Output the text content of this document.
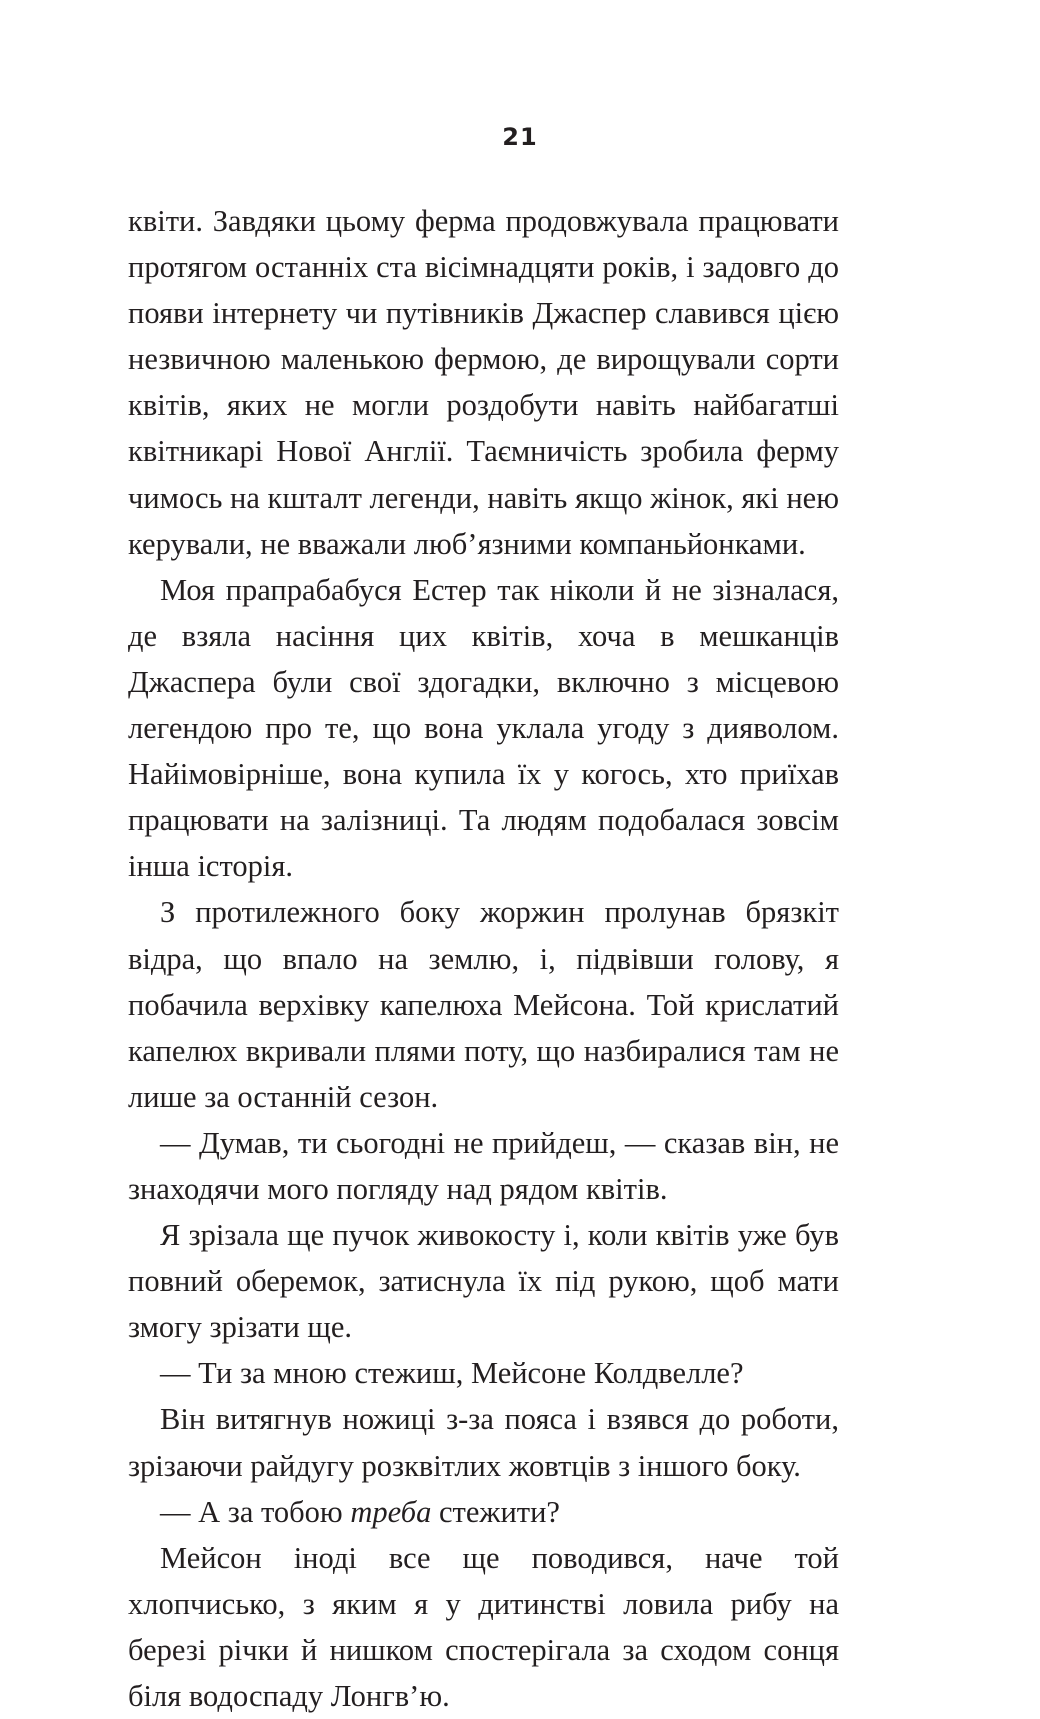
21

квіти. Завдяки цьому ферма продовжувала працювати протягом останніх ста вісімнадцяти років, і задовго до появи інтернету чи путівників Джаспер славився цією незвичною маленькою фермою, де вирощували сорти квітів, яких не могли роздобути навіть найбагатші квітникарі Нової Англії. Таємничість зробила ферму чимось на кшталт легенди, навіть якщо жінок, які нею керували, не вважали люб’язними компаньйонками.

Моя прапрабабуся Естер так ніколи й не зізналася, де взяла насіння цих квітів, хоча в мешканців Джаспера були свої здогадки, включно з місцевою легендою про те, що вона уклала угоду з дияволом. Найімовірніше, вона купила їх у когось, хто приїхав працювати на залізниці. Та людям подобалася зовсім інша історія.

З протилежного боку жоржин пролунав брязкіт відра, що впало на землю, і, підвівши голову, я побачила верхівку капелюха Мейсона. Той крислатий капелюх вкривали плями поту, що назбиралися там не лише за останній сезон.

— Думав, ти сьогодні не прийдеш, — сказав він, не знаходячи мого погляду над рядом квітів.

Я зрізала ще пучок живокосту і, коли квітів уже був повний оберемок, затиснула їх під рукою, щоб мати змогу зрізати ще.

— Ти за мною стежиш, Мейсоне Колдвелле?

Він витягнув ножиці з-за пояса і взявся до роботи, зрізаючи райдугу розквітлих жовтців з іншого боку.

— А за тобою треба стежити?

Мейсон іноді все ще поводився, наче той хлопчисько, з яким я у дитинстві ловила рибу на березі річки й нишком спостерігала за сходом сонця біля водоспаду Лонгв’ю.
